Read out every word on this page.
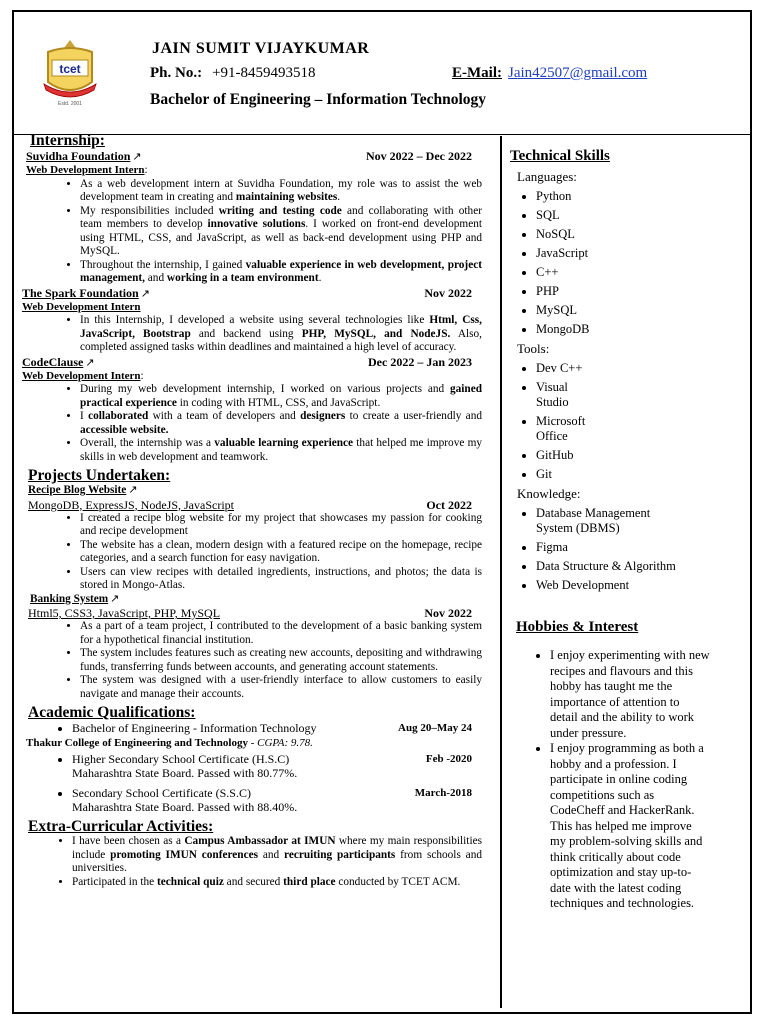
tcet
Estd. 2001
JAIN SUMIT VIJAYKUMAR
Ph. No.: +91-8459493518	E-Mail: Jain42507@gmail.com
Bachelor of Engineering – Information Technology
Internship:
Suvidha Foundation ↗	Nov 2022 – Dec 2022
Web Development Intern:
• As a web development intern at Suvidha Foundation, my role was to assist the web development team in creating and maintaining websites.
• My responsibilities included writing and testing code and collaborating with other team members to develop innovative solutions. I worked on front-end development using HTML, CSS, and JavaScript, as well as back-end development using PHP and MySQL.
• Throughout the internship, I gained valuable experience in web development, project management, and working in a team environment.
The Spark Foundation ↗	Nov 2022
Web Development Intern
• In this Internship, I developed a website using several technologies like Html, Css, JavaScript, Bootstrap and backend using PHP, MySQL, and NodeJS. Also, completed assigned tasks within deadlines and maintained a high level of accuracy.
CodeClause ↗	Dec 2022 – Jan 2023
Web Development Intern:
• During my web development internship, I worked on various projects and gained practical experience in coding with HTML, CSS, and JavaScript.
• I collaborated with a team of developers and designers to create a user-friendly and accessible website.
• Overall, the internship was a valuable learning experience that helped me improve my skills in web development and teamwork.
Projects Undertaken:
Recipe Blog Website ↗
MongoDB, ExpressJS, NodeJS, JavaScript	Oct 2022
• I created a recipe blog website for my project that showcases my passion for cooking and recipe development
• The website has a clean, modern design with a featured recipe on the homepage, recipe categories, and a search function for easy navigation.
• Users can view recipes with detailed ingredients, instructions, and photos; the data is stored in Mongo-Atlas.
Banking System ↗
Html5, CSS3, JavaScript, PHP, MySQL	Nov 2022
• As a part of a team project, I contributed to the development of a basic banking system for a hypothetical financial institution.
• The system includes features such as creating new accounts, depositing and withdrawing funds, transferring funds between accounts, and generating account statements.
• The system was designed with a user-friendly interface to allow customers to easily navigate and manage their accounts.
Academic Qualifications:
• Bachelor of Engineering - Information Technology	Aug 20–May 24

Thakur College of Engineering and Technology - CGPA: 9.78.
• Higher Secondary School Certificate (H.S.C)	Feb -2020

Maharashtra State Board. Passed with 80.77%.
• Secondary School Certificate (S.S.C)	March-2018

Maharashtra State Board. Passed with 88.40%.
Extra-Curricular Activities:
• I have been chosen as a Campus Ambassador at IMUN where my main responsibilities include promoting IMUN conferences and recruiting participants from schools and universities.
• Participated in the technical quiz and secured third place conducted by TCET ACM.
Technical Skills
Languages:
• Python
• SQL
• NoSQL
• JavaScript
• C++
• PHP
• MySQL
• MongoDB
Tools:
• Dev C++
• Visual Studio
• Microsoft Office
• GitHub
• Git
Knowledge:
• Database Management System (DBMS)
• Figma
• Data Structure & Algorithm
• Web Development
Hobbies & Interest
• I enjoy experimenting with new recipes and flavours and this hobby has taught me the importance of attention to detail and the ability to work under pressure.
• I enjoy programming as both a hobby and a profession. I participate in online coding competitions such as CodeCheff and HackerRank. This has helped me improve my problem-solving skills and think critically about code optimization and stay up-to-date with the latest coding techniques and technologies.
